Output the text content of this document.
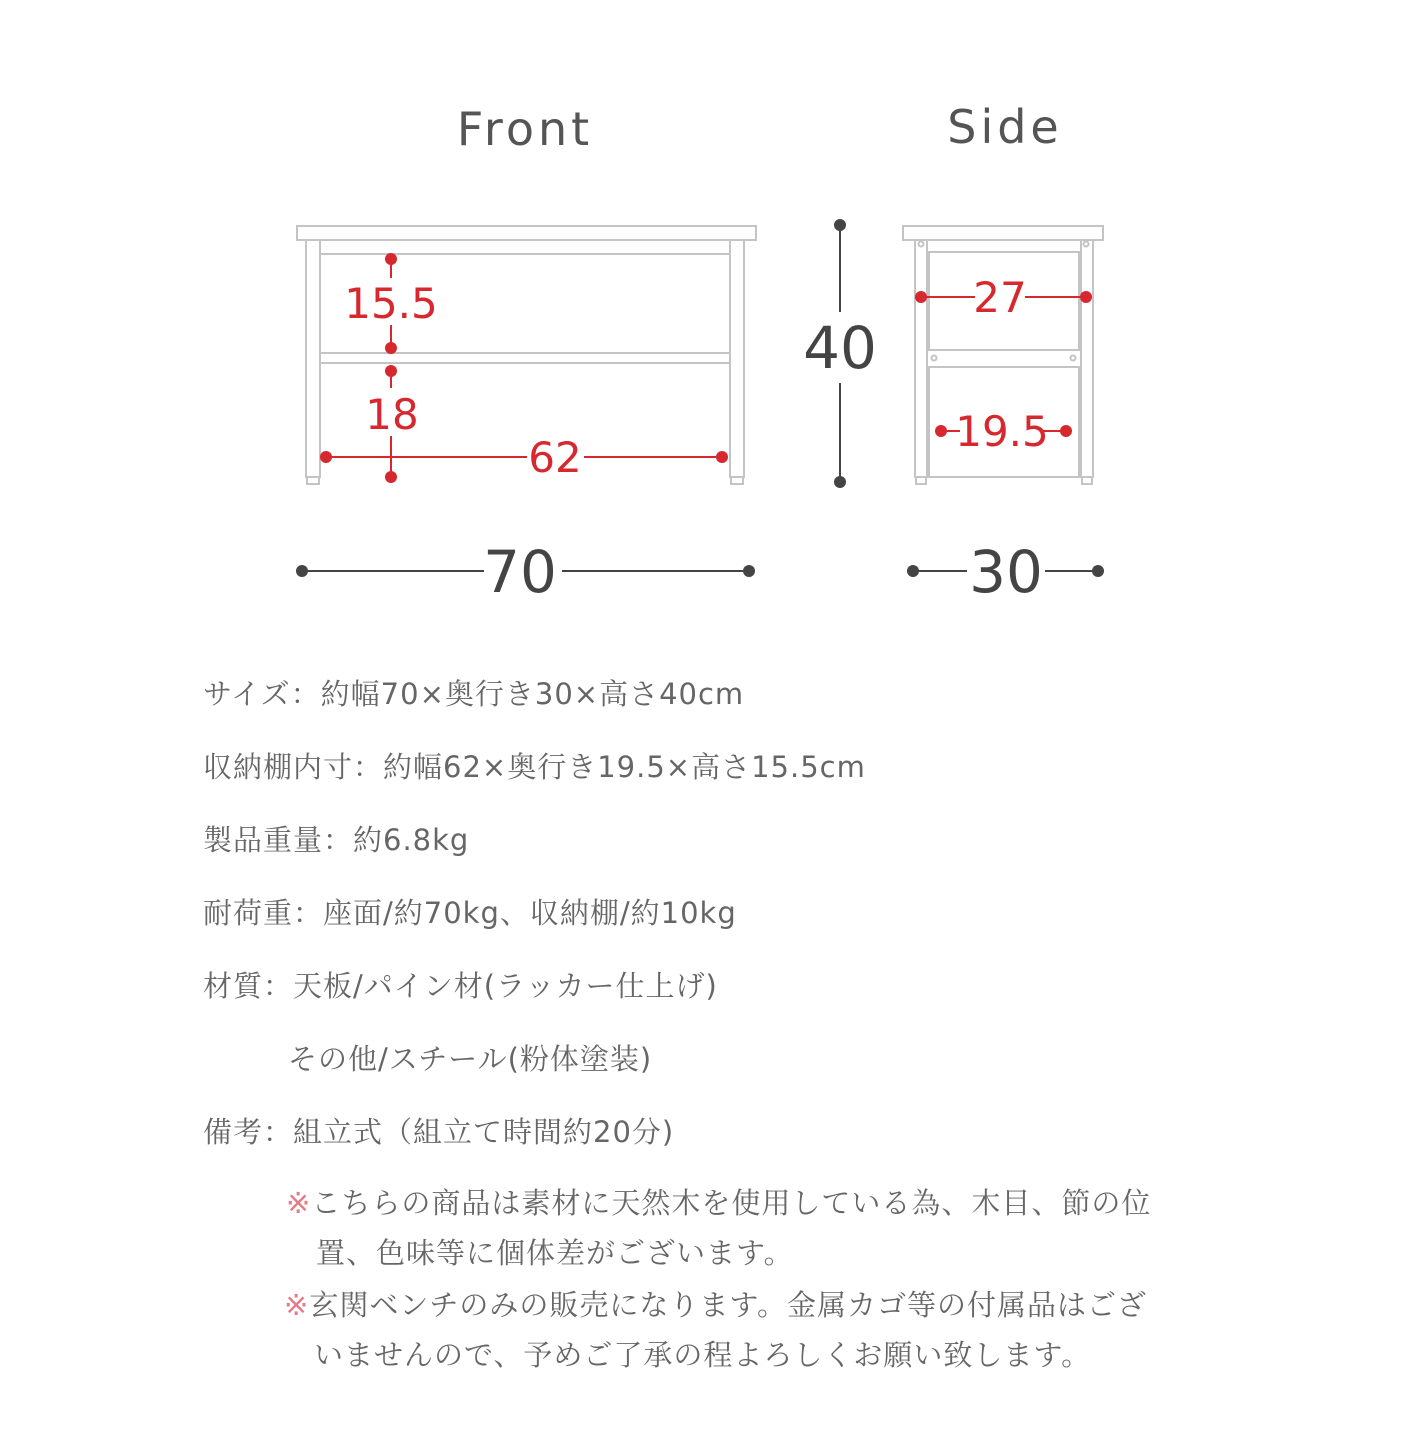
Front	Side
15.5
18
62
70
40
27
19.5
30
サイズ：約幅70×奥行き30×高さ40cm
収納棚内寸：約幅62×奥行き19.5×高さ15.5cm
製品重量：約6.8kg
耐荷重：座面/約70kg、収納棚/約10kg
材質：天板/パイン材(ラッカー仕上げ)
その他/スチール(粉体塗装)
備考：組立式（組立て時間約20分)
※こちらの商品は素材に天然木を使用している為、木目、節の位
置、色味等に個体差がございます。
※玄関ベンチのみの販売になります。金属カゴ等の付属品はござ
いませんので、予めご了承の程よろしくお願い致します。
